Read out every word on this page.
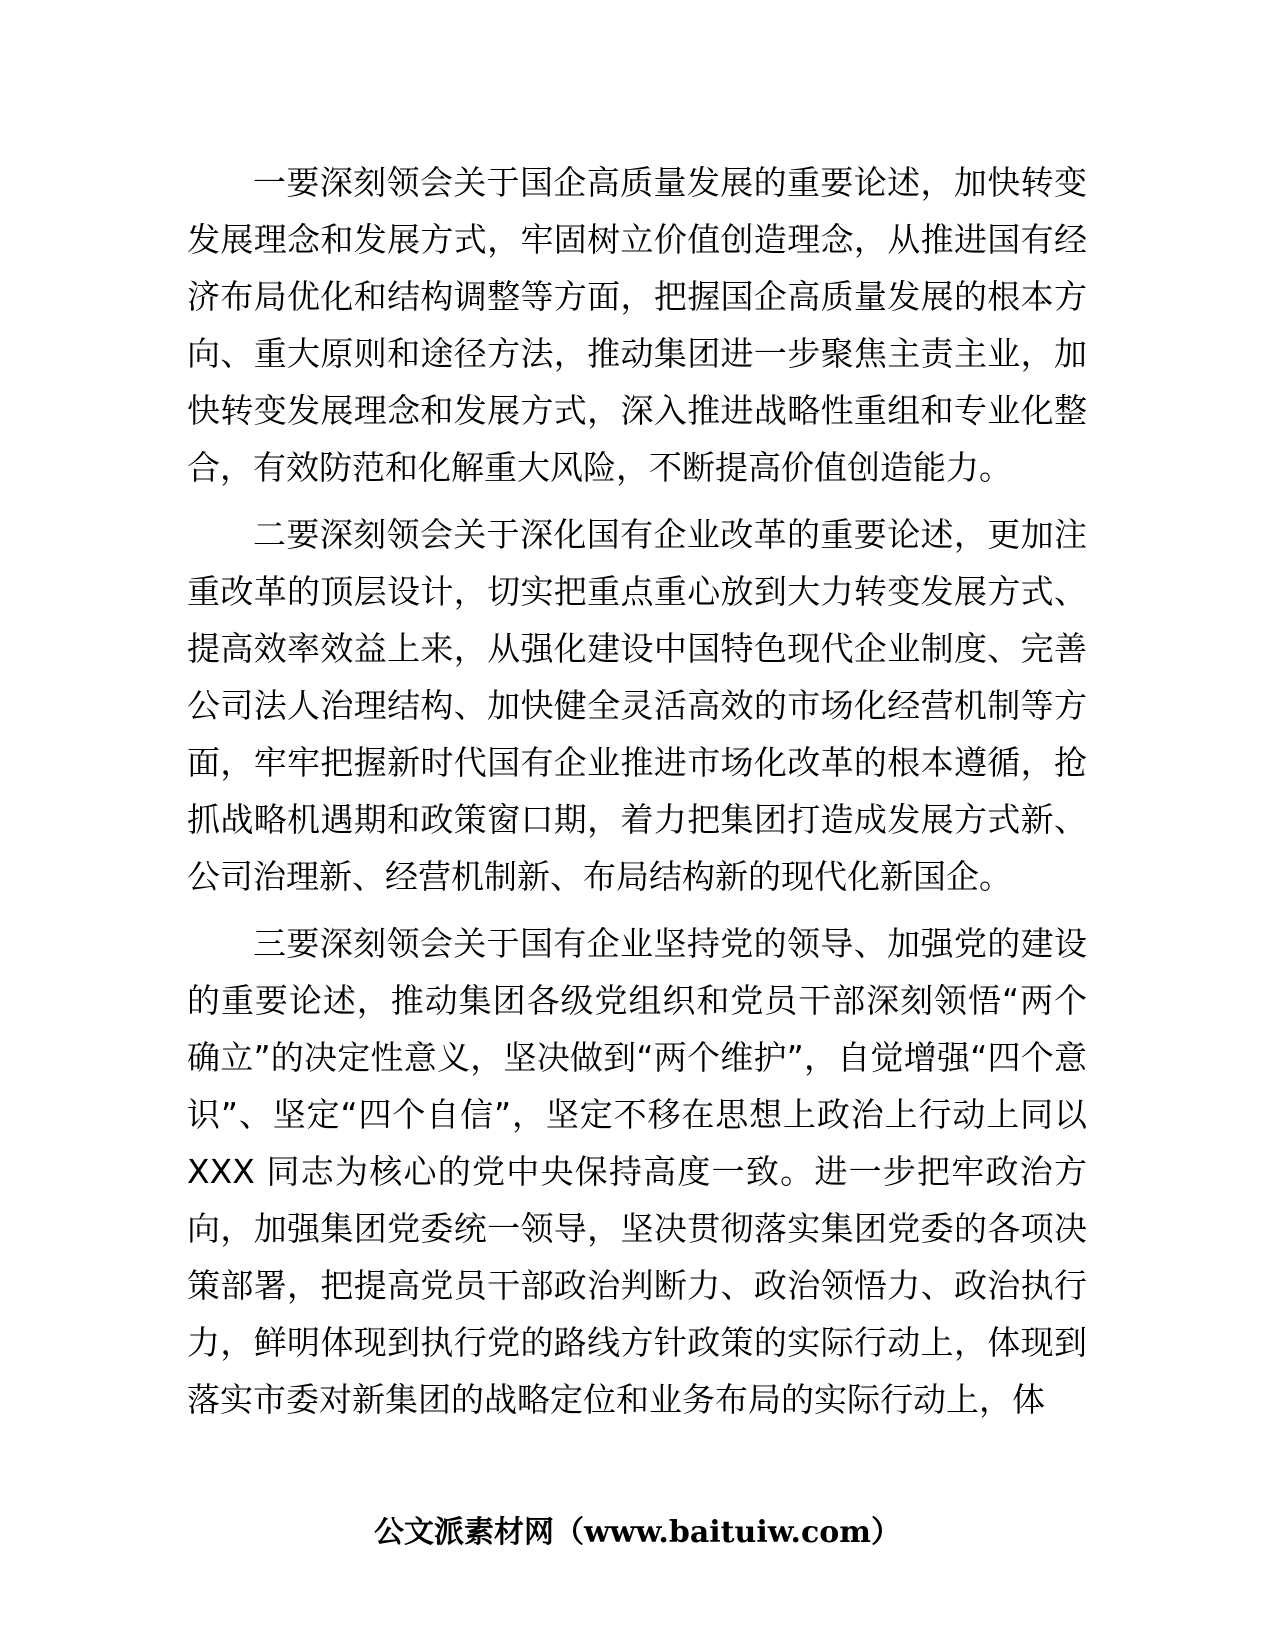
一要深刻领会关于国企高质量发展的重要论述，加快转变发展理念和发展方式，牢固树立价值创造理念，从推进国有经济布局优化和结构调整等方面，把握国企高质量发展的根本方向、重大原则和途径方法，推动集团进一步聚焦主责主业，加快转变发展理念和发展方式，深入推进战略性重组和专业化整合，有效防范和化解重大风险，不断提高价值创造能力。

二要深刻领会关于深化国有企业改革的重要论述，更加注重改革的顶层设计，切实把重点重心放到大力转变发展方式、提高效率效益上来，从强化建设中国特色现代企业制度、完善公司法人治理结构、加快健全灵活高效的市场化经营机制等方面，牢牢把握新时代国有企业推进市场化改革的根本遵循，抢抓战略机遇期和政策窗口期，着力把集团打造成发展方式新、公司治理新、经营机制新、布局结构新的现代化新国企。

三要深刻领会关于国有企业坚持党的领导、加强党的建设的重要论述，推动集团各级党组织和党员干部深刻领悟“两个确立”的决定性意义，坚决做到“两个维护”，自觉增强“四个意识”、坚定“四个自信”，坚定不移在思想上政治上行动上同以 XXX 同志为核心的党中央保持高度一致。进一步把牢政治方向，加强集团党委统一领导，坚决贯彻落实集团党委的各项决策部署，把提高党员干部政治判断力、政治领悟力、政治执行力，鲜明体现到执行党的路线方针政策的实际行动上，体现到落实市委对新集团的战略定位和业务布局的实际行动上，体

公文派素材网（www.baituiw.com）
